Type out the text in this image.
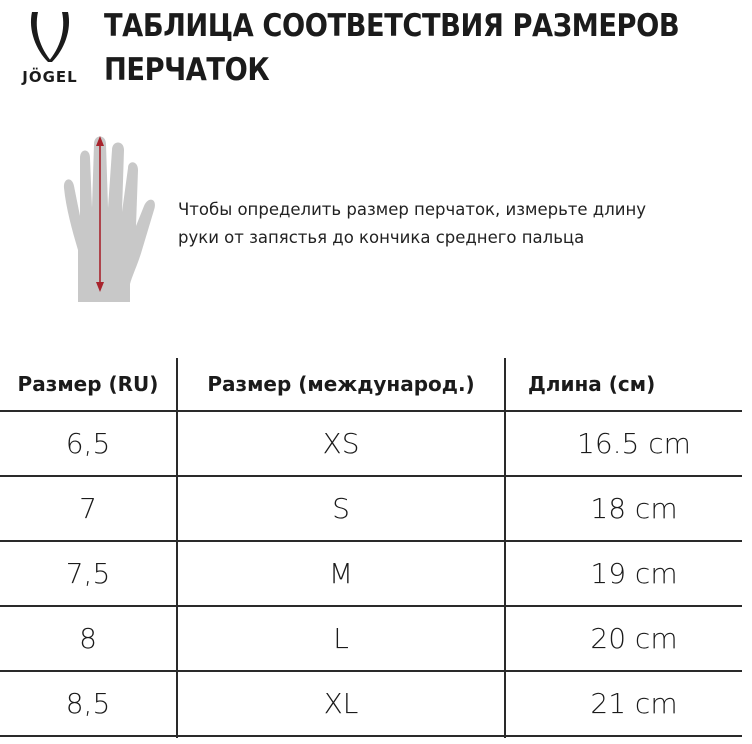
JÖGEL
ТАБЛИЦА СООТВЕТСТВИЯ РАЗМЕРОВ
ПЕРЧАТОК
Чтобы определить размер перчаток, измерьте длину
руки от запястья до кончика среднего пальца
Размер (RU)	Размер (международ.)	Длина (см)
6,5	XS	16.5 cm
7	S	18 cm
7,5	M	19 cm
8	L	20 cm
8,5	XL	21 cm
